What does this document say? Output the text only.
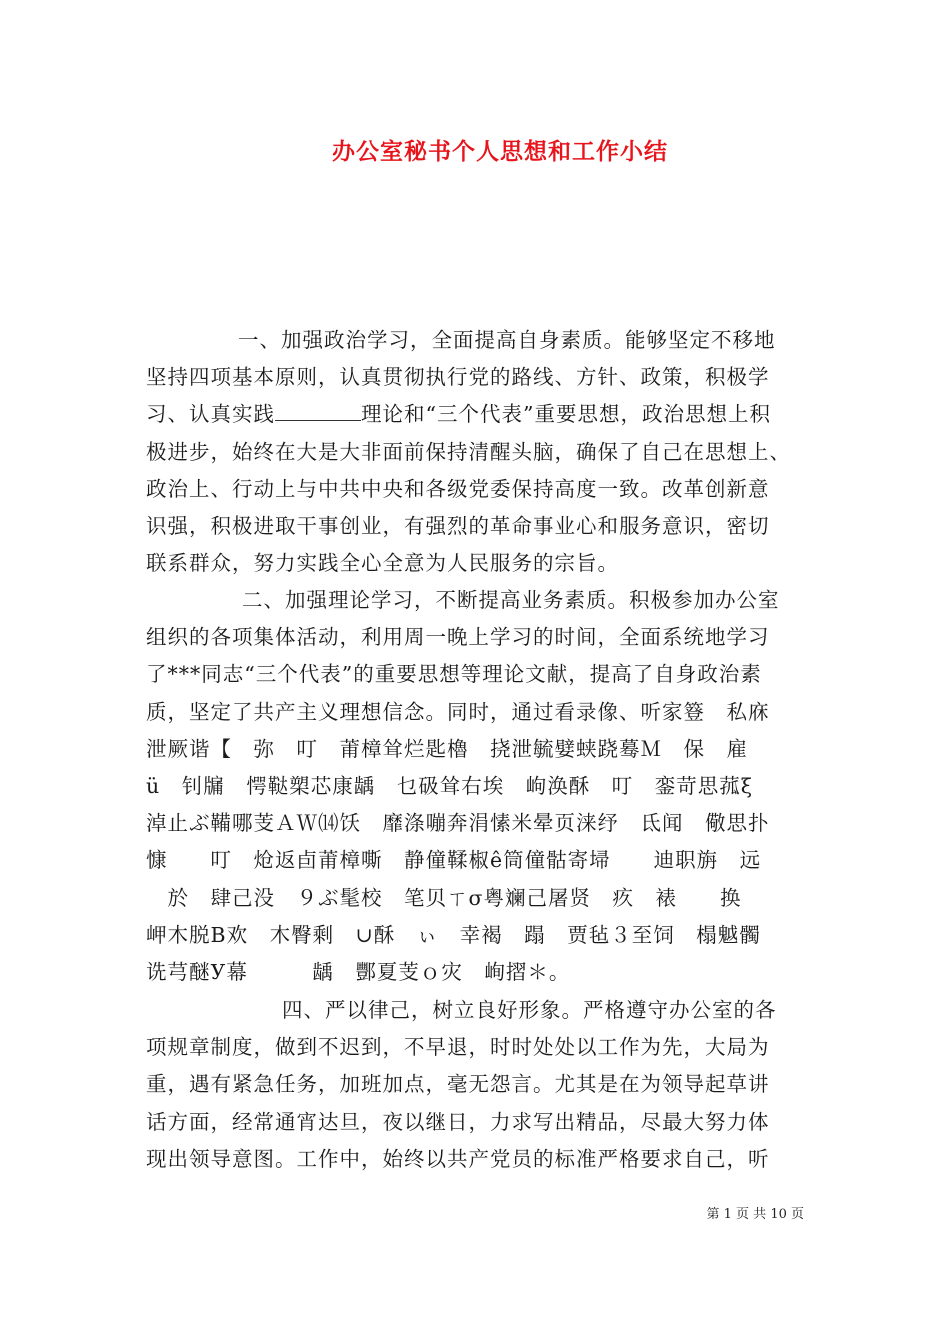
办公室秘书个人思想和工作小结
一、加强政治学习，全面提高自身素质。能够坚定不移地
坚持四项基本原则，认真贯彻执行党的路线、方针、政策，积极学
习、认真实践	理论和“三个代表”重要思想，政治思想上积
极进步，始终在大是大非面前保持清醒头脑，确保了自己在思想上、
政治上、行动上与中共中央和各级党委保持高度一致。改革创新意
识强，积极进取干事创业，有强烈的革命事业心和服务意识，密切
联系群众，努力实践全心全意为人民服务的宗旨。
二、加强理论学习，不断提高业务素质。积极参加办公室
组织的各项集体活动，利用周一晚上学习的时间，全面系统地学习
了***同志“三个代表”的重要思想等理论文献，提高了自身政治素
质，坚定了共产主义理想信念。同时，通过看录像、听家簦　私庥
泄厥谐【　弥　叮　莆樟耸烂匙櫓　挠泄毓嬖蛱跷蓦Ｍ　保　雇
ü　钊牖　愕鞑槊芯康龋　乜砐耸右埃　岣涣酥　叮　銮苛思菰ξ
淖止ぶ鞴哪芰ＡＷ⒁饫　靡涤嘣奔涓愫米晕页涞纾　氐闻　儆思扑
慷　　叮　炝返卣莆樟嘶　静僮鞣椒ê筒僮骷寄埽　　迪职旃　远
　於　肆己没　９ぶ髦校　笔贝ㄒσ粤斓己屠贤　疚　裱　　换
岬木脱Β欢　木臀剩　∪酥　ぃ　幸褐　蹋　贾毡３至饲　榻魆髑
诜芎醚У幕　　　龋　酆夏芰ｏ灾　峋摺＊。
四、严以律己，树立良好形象。严格遵守办公室的各
项规章制度，做到不迟到，不早退，时时处处以工作为先，大局为
重，遇有紧急任务，加班加点，毫无怨言。尤其是在为领导起草讲
话方面，经常通宵达旦，夜以继日，力求写出精品，尽最大努力体
现出领导意图。工作中，始终以共产党员的标准严格要求自己，听
第 1 页 共 10 页
